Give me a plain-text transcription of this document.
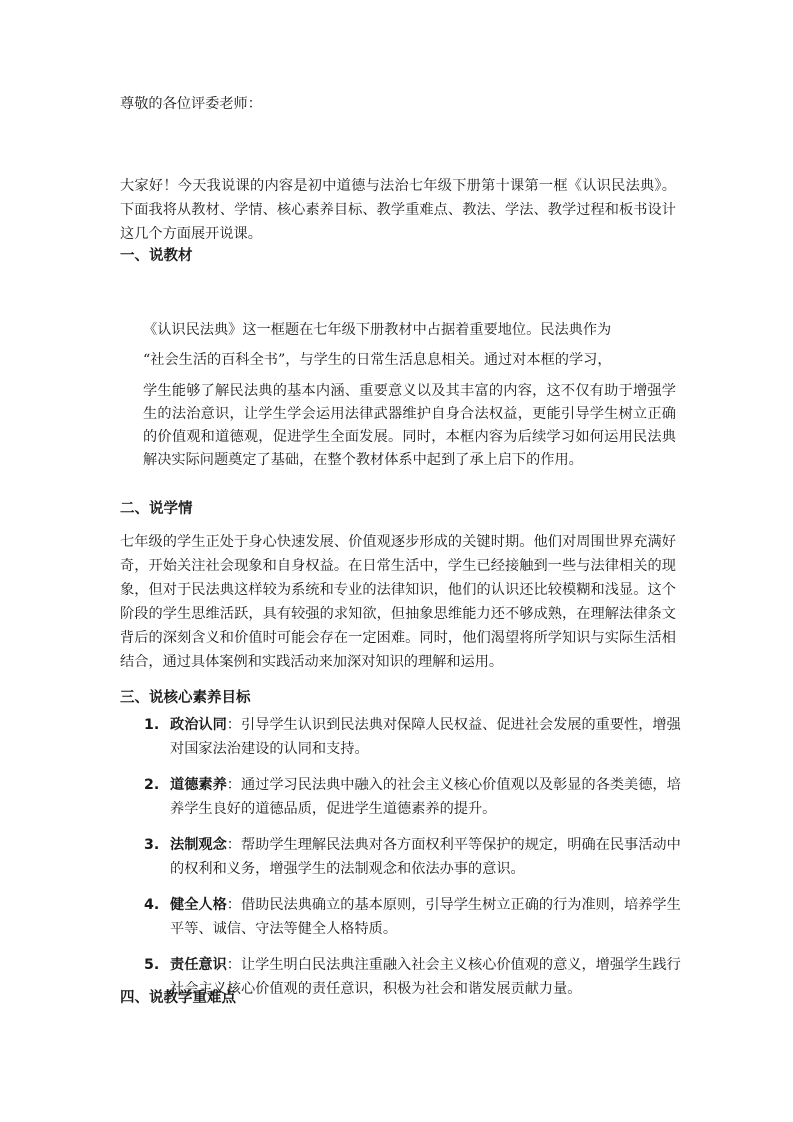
尊敬的各位评委老师：

大家好！今天我说课的内容是初中道德与法治七年级下册第十课第一框《认识民法典》。下面我将从教材、学情、核心素养目标、教学重难点、教法、学法、教学过程和板书设计这几个方面展开说课。

一、说教材

《认识民法典》这一框题在七年级下册教材中占据着重要地位。民法典作为

“社会生活的百科全书”，与学生的日常生活息息相关。通过对本框的学习，

学生能够了解民法典的基本内涵、重要意义以及其丰富的内容，这不仅有助于增强学生的法治意识，让学生学会运用法律武器维护自身合法权益，更能引导学生树立正确的价值观和道德观，促进学生全面发展。同时，本框内容为后续学习如何运用民法典解决实际问题奠定了基础，在整个教材体系中起到了承上启下的作用。

二、说学情

七年级的学生正处于身心快速发展、价值观逐步形成的关键时期。他们对周围世界充满好奇，开始关注社会现象和自身权益。在日常生活中，学生已经接触到一些与法律相关的现象，但对于民法典这样较为系统和专业的法律知识，他们的认识还比较模糊和浅显。这个阶段的学生思维活跃，具有较强的求知欲，但抽象思维能力还不够成熟，在理解法律条文背后的深刻含义和价值时可能会存在一定困难。同时，他们渴望将所学知识与实际生活相结合，通过具体案例和实践活动来加深对知识的理解和运用。

三、说核心素养目标
1. 政治认同：引导学生认识到民法典对保障人民权益、促进社会发展的重要性，增强对国家法治建设的认同和支持。
2. 道德素养：通过学习民法典中融入的社会主义核心价值观以及彰显的各类美德，培养学生良好的道德品质，促进学生道德素养的提升。
3. 法制观念：帮助学生理解民法典对各方面权利平等保护的规定，明确在民事活动中的权利和义务，增强学生的法制观念和依法办事的意识。
4. 健全人格：借助民法典确立的基本原则，引导学生树立正确的行为准则，培养学生平等、诚信、守法等健全人格特质。
5. 责任意识：让学生明白民法典注重融入社会主义核心价值观的意义，增强学生践行社会主义核心价值观的责任意识，积极为社会和谐发展贡献力量。
四、说教学重难点
